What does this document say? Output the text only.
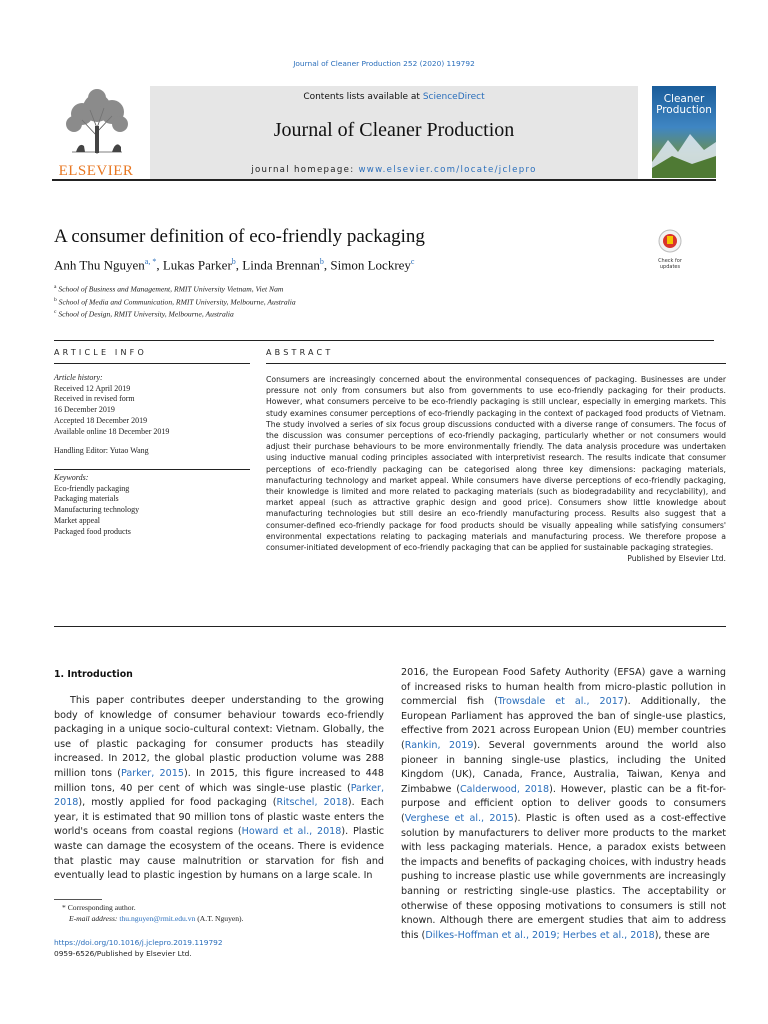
Journal of Cleaner Production 252 (2020) 119792
ELSEVIER
Contents lists available at ScienceDirect
Journal of Cleaner Production
journal homepage: www.elsevier.com/locate/jclepro
Cleaner
Production
A consumer definition of eco-friendly packaging
Check for
updates
Anh Thu Nguyen$^{a, *}$, Lukas Parker$^b$, Linda Brennan$^b$, Simon Lockrey$^c$
$^a$ School of Business and Management, RMIT University Vietnam, Viet Nam
$^b$ School of Media and Communication, RMIT University, Melbourne, Australia
$^c$ School of Design, RMIT University, Melbourne, Australia
ARTICLE INFO	ABSTRACT
Article history:
Received 12 April 2019
Received in revised form
16 December 2019
Accepted 18 December 2019
Available online 18 December 2019
Handling Editor: Yutao Wang
Keywords:
Eco-friendly packaging
Packaging materials
Manufacturing technology
Market appeal
Packaged food products
Consumers are increasingly concerned about the environmental consequences of packaging. Businesses are under pressure not only from consumers but also from governments to use eco-friendly packaging for their products. However, what consumers perceive to be eco-friendly packaging is still unclear, especially in emerging markets. This study examines consumer perceptions of eco-friendly packaging in the context of packaged food products of Vietnam. The study involved a series of six focus group discussions conducted with a diverse range of consumers. The focus of the discussion was consumer perceptions of eco-friendly packaging, particularly whether or not consumers would adjust their purchase behaviours to be more environmentally friendly. The data analysis procedure was undertaken using inductive manual coding principles associated with interpretivist research. The results indicate that consumer perceptions of eco-friendly packaging can be categorised along three key dimensions: packaging materials, manufacturing technology and market appeal. While consumers have diverse perceptions of eco-friendly packaging, their knowledge is limited and more related to packaging materials (such as biodegradability and recyclability), and market appeal (such as attractive graphic design and good price). Consumers show little knowledge about manufacturing technologies but still desire an eco-friendly manufacturing process. Results also suggest that a consumer-defined eco-friendly package for food products should be visually appealing while satisfying consumers' environmental expectations relating to packaging materials and manufacturing process. We therefore propose a consumer-initiated development of eco-friendly packaging that can be applied for sustainable packaging strategies.
Published by Elsevier Ltd.
1. Introduction
This paper contributes deeper understanding to the growing body of knowledge of consumer behaviour towards eco-friendly packaging in a unique socio-cultural context: Vietnam. Globally, the use of plastic packaging for consumer products has steadily increased. In 2012, the global plastic production volume was 288 million tons (Parker, 2015). In 2015, this figure increased to 448 million tons, 40 per cent of which was single-use plastic (Parker, 2018), mostly applied for food packaging (Ritschel, 2018). Each year, it is estimated that 90 million tons of plastic waste enters the world's oceans from coastal regions (Howard et al., 2018). Plastic waste can damage the ecosystem of the oceans. There is evidence that plastic may cause malnutrition or starvation for fish and eventually lead to plastic ingestion by humans on a large scale. In
2016, the European Food Safety Authority (EFSA) gave a warning of increased risks to human health from micro-plastic pollution in commercial fish (Trowsdale et al., 2017). Additionally, the European Parliament has approved the ban of single-use plastics, effective from 2021 across European Union (EU) member countries (Rankin, 2019). Several governments around the world also pioneer in banning single-use plastics, including the United Kingdom (UK), Canada, France, Australia, Taiwan, Kenya and Zimbabwe (Calderwood, 2018). However, plastic can be a fit-for-purpose and efficient option to deliver goods to consumers (Verghese et al., 2015). Plastic is often used as a cost-effective solution by manufacturers to deliver more products to the market with less packaging materials. Hence, a paradox exists between the impacts and benefits of packaging choices, with industry heads pushing to increase plastic use while governments are increasingly banning or restricting single-use plastics. The acceptability or otherwise of these opposing motivations to consumers is still not known. Although there are emergent studies that aim to address this (Dilkes-Hoffman et al., 2019; Herbes et al., 2018), these are
* Corresponding author.
E-mail address: thu.nguyen@rmit.edu.vn (A.T. Nguyen).
https://doi.org/10.1016/j.jclepro.2019.119792
0959-6526/Published by Elsevier Ltd.
